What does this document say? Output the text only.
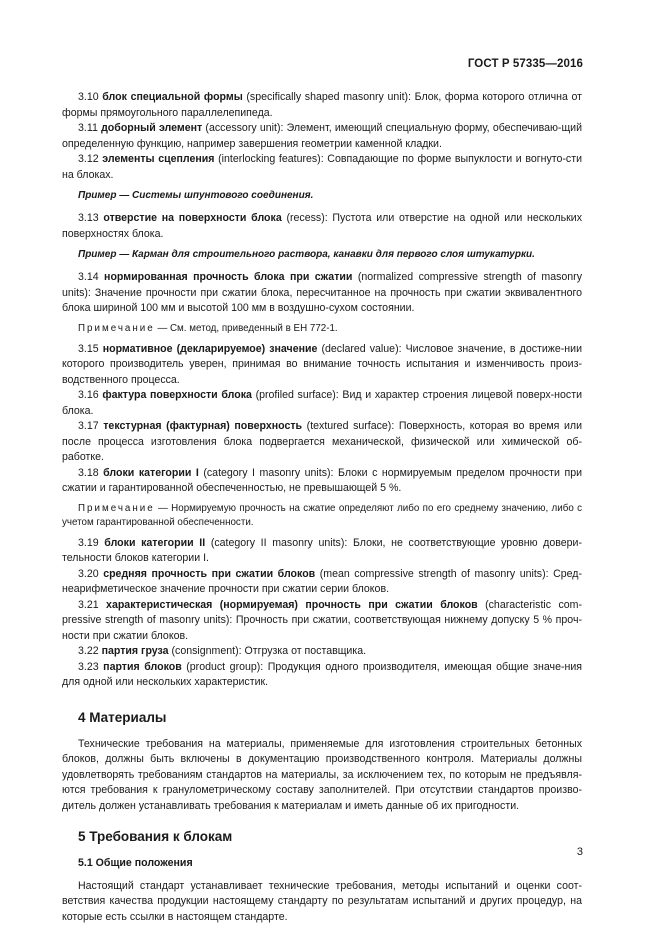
ГОСТ Р 57335—2016

3.10 блок специальной формы (specifically shaped masonry unit): Блок, форма которого отлична от формы прямоугольного параллелепипеда.

3.11 доборный элемент (accessory unit): Элемент, имеющий специальную форму, обеспечиваю-щий определенную функцию, например завершения геометрии каменной кладки.

3.12 элементы сцепления (interlocking features): Совпадающие по форме выпуклости и вогнуто-сти на блоках.

Пример — Системы шпунтового соединения.

3.13 отверстие на поверхности блока (recess): Пустота или отверстие на одной или нескольких поверхностях блока.

Пример — Карман для строительного раствора, канавки для первого слоя штукатурки.

3.14 нормированная прочность блока при сжатии (normalized compressive strength of masonry units): Значение прочности при сжатии блока, пересчитанное на прочность при сжатии эквивалентного блока шириной 100 мм и высотой 100 мм в воздушно-сухом состоянии.

Примечание — См. метод, приведенный в ЕН 772-1.

3.15 нормативное (декларируемое) значение (declared value): Числовое значение, в достиже-нии которого производитель уверен, принимая во внимание точность испытания и изменчивость произ-водственного процесса.

3.16 фактура поверхности блока (profiled surface): Вид и характер строения лицевой поверх-ности блока.

3.17 текстурная (фактурная) поверхность (textured surface): Поверхность, которая во время или после процесса изготовления блока подвергается механической, физической или химической об-работке.

3.18 блоки категории I (category I masonry units): Блоки с нормируемым пределом прочности при сжатии и гарантированной обеспеченностью, не превышающей 5 %.

Примечание — Нормируемую прочность на сжатие определяют либо по его среднему значению, либо с учетом гарантированной обеспеченности.

3.19 блоки категории II (category II masonry units): Блоки, не соответствующие уровню довери-тельности блоков категории I.

3.20 средняя прочность при сжатии блоков (mean compressive strength of masonry units): Сред-неарифметическое значение прочности при сжатии серии блоков.

3.21 характеристическая (нормируемая) прочность при сжатии блоков (characteristic com-pressive strength of masonry units): Прочность при сжатии, соответствующая нижнему допуску 5 % проч-ности при сжатии блоков.

3.22 партия груза (consignment): Отгрузка от поставщика.

3.23 партия блоков (product group): Продукция одного производителя, имеющая общие значе-ния для одной или нескольких характеристик.

4 Материалы

Технические требования на материалы, применяемые для изготовления строительных бетонных блоков, должны быть включены в документацию производственного контроля. Материалы должны удовлетворять требованиям стандартов на материалы, за исключением тех, по которым не предъявля-ются требования к гранулометрическому составу заполнителей. При отсутствии стандартов произво-дитель должен устанавливать требования к материалам и иметь данные об их пригодности.

5 Требования к блокам
5.1 Общие положения

Настоящий стандарт устанавливает технические требования, методы испытаний и оценки соот-ветствия качества продукции настоящему стандарту по результатам испытаний и других процедур, на которые есть ссылки в настоящем стандарте.

3
